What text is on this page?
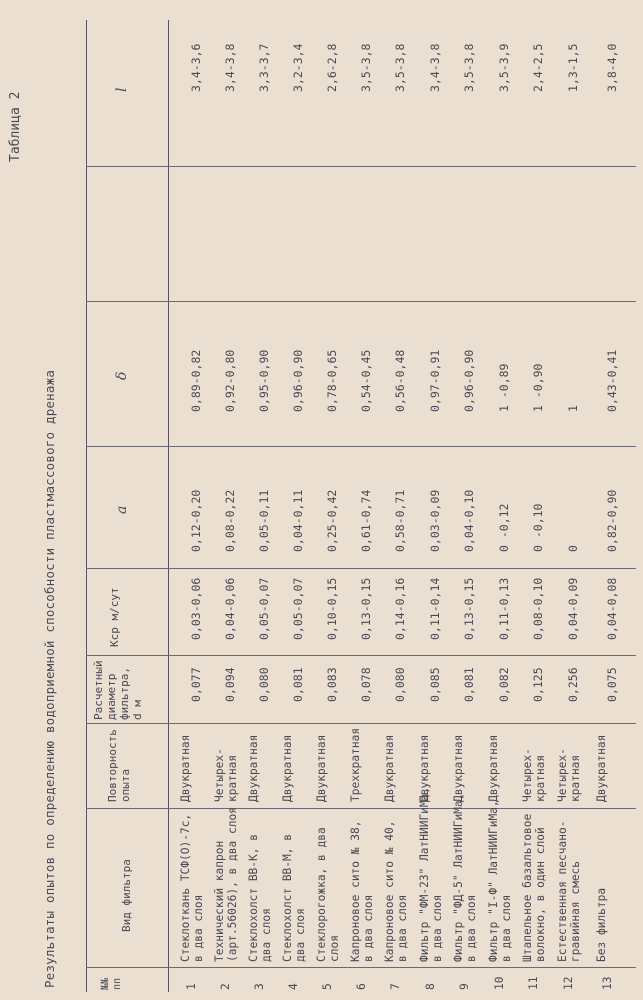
Таблица 2
Результаты опытов по определению водоприемной способности пластмассового дренажа	№№ пп
Вид фильтра
Повторность опыта
Расчетный диаметр фильтра, d м
Kср м/сут
a
δ
l
1
Стеклоткань ТСФ(О)-7с, в два слоя
Двукратная
0,077
0,03-0,06
0,12-0,20
0,89-0,82
3,4-3,6
2
Технический капрон (арт.56026), в два слоя
Четырех- кратная
0,094
0,04-0,06
0,08-0,22
0,92-0,80
3,4-3,8
3
Стеклохолст ВВ-К, в два слоя
Двукратная
0,080
0,05-0,07
0,05-0,11
0,95-0,90
3,3-3,7
4
Стеклохолст ВВ-М, в два слоя
Двукратная
0,081
0,05-0,07
0,04-0,11
0,96-0,90
3,2-3,4
5
Стеклорогожка, в два слоя
Двукратная
0,083
0,10-0,15
0,25-0,42
0,78-0,65
2,6-2,8
6
Капроновое сито № 38, в два слоя
Трехкратная
0,078
0,13-0,15
0,61-0,74
0,54-0,45
3,5-3,8
7
Капроновое сито № 40, в два слоя
Двукратная
0,080
0,14-0,16
0,58-0,71
0,56-0,48
3,5-3,8
8
Фильтр "ФМ-23" ЛатНИИГиМа, в два слоя
Двукратная
0,085
0,11-0,14
0,03-0,09
0,97-0,91
3,4-3,8
9
Фильтр "ФД-5" ЛатНИИГиМа, в два слоя
Двукратная
0,081
0,13-0,15
0,04-0,10
0,96-0,90
3,5-3,8
10
Фильтр "I-Ф" ЛатНИИГиМа, в два слоя
Двукратная
0,082
0,11-0,13
0 -0,12
1 -0,89
3,5-3,9
11
Штапельное базальтовое волокно, в один слой
Четырех- кратная
0,125
0,08-0,10
0 -0,10
1 -0,90
2,4-2,5
12
Естественная песчано- гравийная смесь
Четырех- кратная
0,256
0,04-0,09
0
1
1,3-1,5
13
Без фильтра
Двукратная
0,075
0,04-0,08
0,82-0,90
0,43-0,41
3,8-4,0
